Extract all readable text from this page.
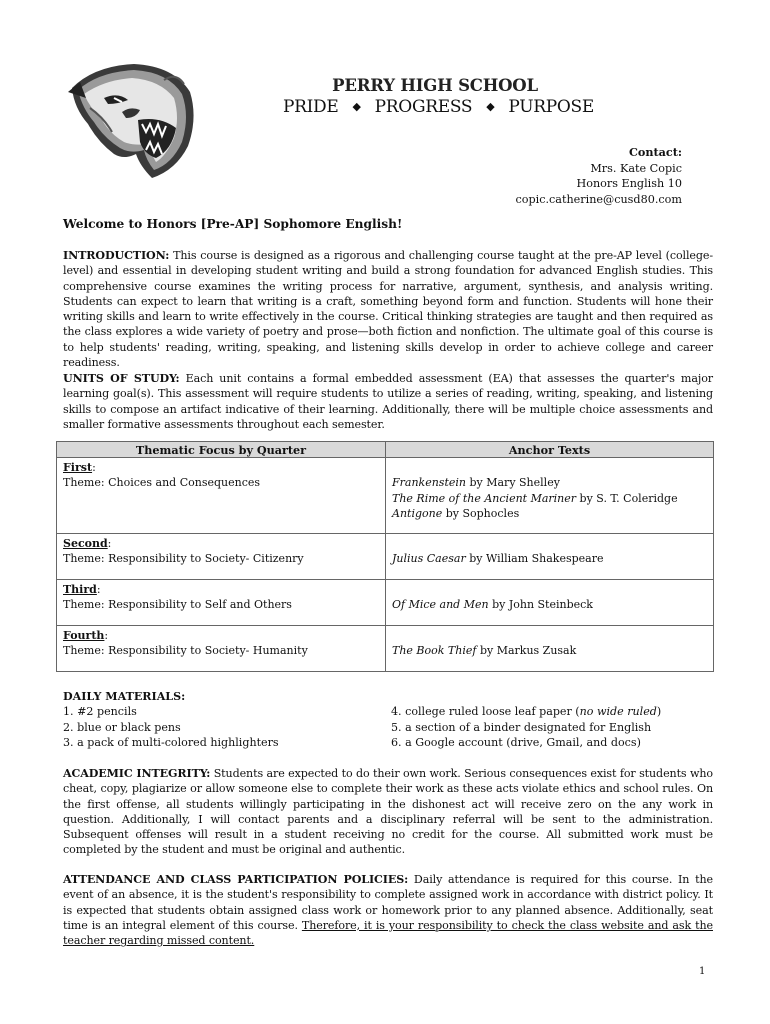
PERRY HIGH SCHOOL
PRIDE ◆ PROGRESS ◆ PURPOSE
Contact:
Mrs. Kate Copic
Honors English 10
copic.catherine@cusd80.com
Welcome to Honors [Pre-AP] Sophomore English!
INTRODUCTION: This course is designed as a rigorous and challenging course taught at the pre-AP level (college-level) and essential in developing student writing and build a strong foundation for advanced English studies. This comprehensive course examines the writing process for narrative, argument, synthesis, and analysis writing. Students can expect to learn that writing is a craft, something beyond form and function. Students will hone their writing skills and learn to write effectively in the course. Critical thinking strategies are taught and then required as the class explores a wide variety of poetry and prose—both fiction and nonfiction. The ultimate goal of this course is to help students' reading, writing, speaking, and listening skills develop in order to achieve college and career readiness.
UNITS OF STUDY: Each unit contains a formal embedded assessment (EA) that assesses the quarter's major learning goal(s). This assessment will require students to utilize a series of reading, writing, speaking, and listening skills to compose an artifact indicative of their learning. Additionally, there will be multiple choice assessments and smaller formative assessments throughout each semester.
Thematic Focus by Quarter	Anchor Texts
First:
Theme: Choices and Consequences	Frankenstein by Mary Shelley
The Rime of the Ancient Mariner by S. T. Coleridge
Antigone by Sophocles
Second:
Theme: Responsibility to Society- Citizenry	Julius Caesar by William Shakespeare
Third:
Theme: Responsibility to Self and Others	Of Mice and Men by John Steinbeck
Fourth:
Theme: Responsibility to Society- Humanity	The Book Thief by Markus Zusak
DAILY MATERIALS:
1. #2 pencils
2. blue or black pens
3. a pack of multi-colored highlighters
4. college ruled loose leaf paper (no wide ruled)
5. a section of a binder designated for English
6. a Google account (drive, Gmail, and docs)
ACADEMIC INTEGRITY: Students are expected to do their own work. Serious consequences exist for students who cheat, copy, plagiarize or allow someone else to complete their work as these acts violate ethics and school rules. On the first offense, all students willingly participating in the dishonest act will receive zero on the any work in question. Additionally, I will contact parents and a disciplinary referral will be sent to the administration. Subsequent offenses will result in a student receiving no credit for the course. All submitted work must be completed by the student and must be original and authentic.
ATTENDANCE AND CLASS PARTICIPATION POLICIES: Daily attendance is required for this course. In the event of an absence, it is the student's responsibility to complete assigned work in accordance with district policy. It is expected that students obtain assigned class work or homework prior to any planned absence. Additionally, seat time is an integral element of this course. Therefore, it is your responsibility to check the class website and ask the teacher regarding missed content.
1
